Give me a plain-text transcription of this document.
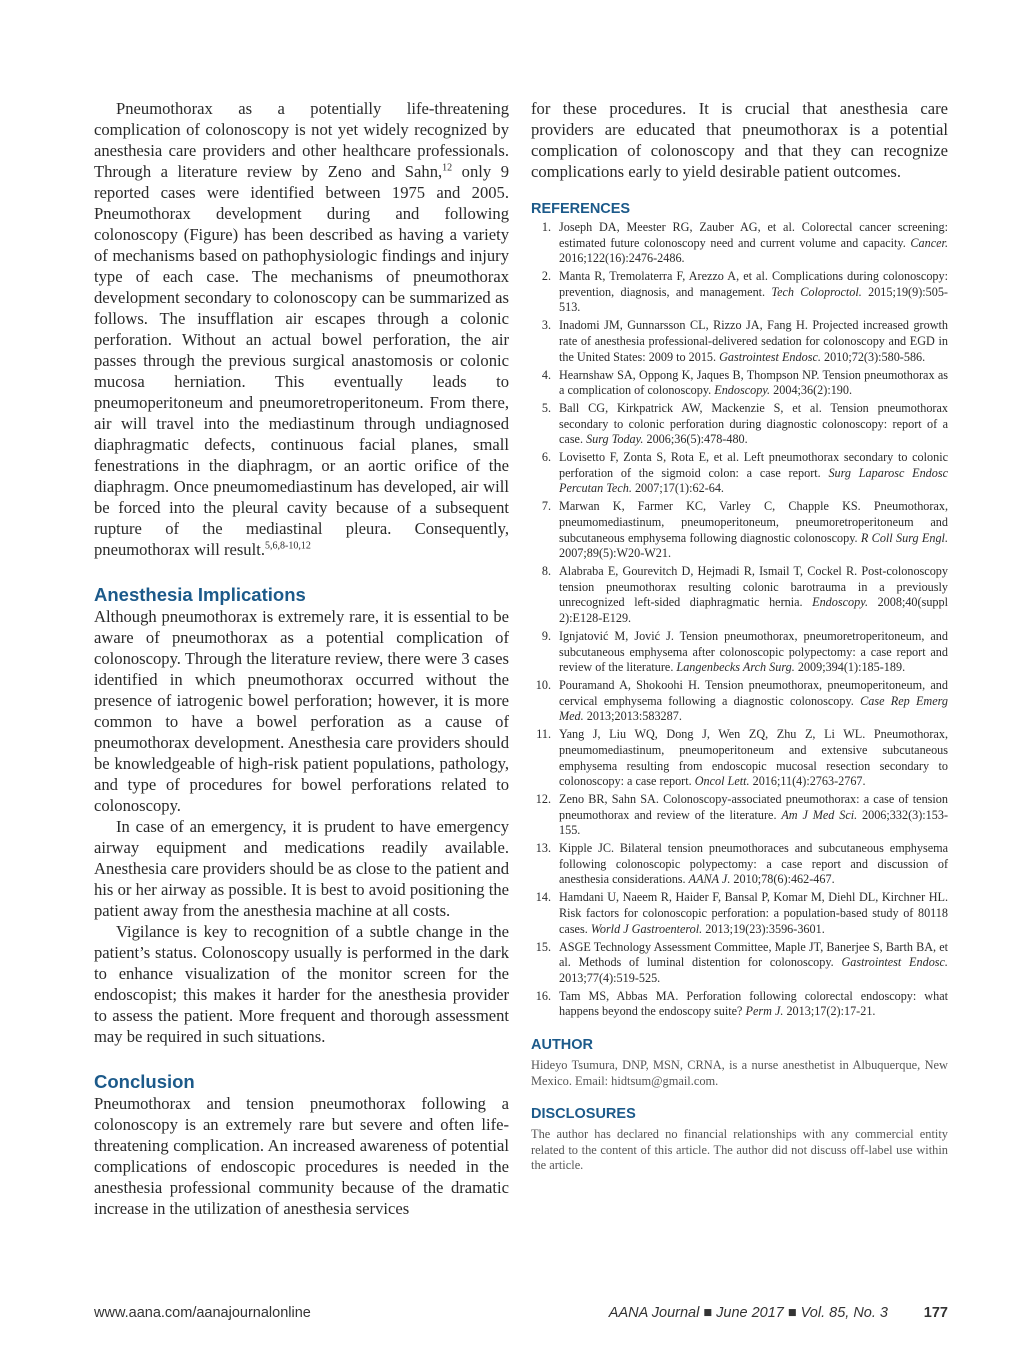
Pneumothorax as a potentially life-threatening complication of colonoscopy is not yet widely recognized by anesthesia care providers and other healthcare professionals. Through a literature review by Zeno and Sahn,$^{12}$ only 9 reported cases were identified between 1975 and 2005. Pneumothorax development during and following colonoscopy (Figure) has been described as having a variety of mechanisms based on pathophysiologic findings and injury type of each case. The mechanisms of pneumothorax development secondary to colonoscopy can be summarized as follows. The insufflation air escapes through a colonic perforation. Without an actual bowel perforation, the air passes through the previous surgical anastomosis or colonic mucosa herniation. This eventually leads to pneumoperitoneum and pneumoretroperitoneum. From there, air will travel into the mediastinum through undiagnosed diaphragmatic defects, continuous facial planes, small fenestrations in the diaphragm, or an aortic orifice of the diaphragm. Once pneumomediastinum has developed, air will be forced into the pleural cavity because of a subsequent rupture of the mediastinal pleura. Consequently, pneumothorax will result.$^{5,6,8-10,12}$

Anesthesia Implications

Although pneumothorax is extremely rare, it is essential to be aware of pneumothorax as a potential complication of colonoscopy. Through the literature review, there were 3 cases identified in which pneumothorax occurred without the presence of iatrogenic bowel perforation; however, it is more common to have a bowel perforation as a cause of pneumothorax development. Anesthesia care providers should be knowledgeable of high-risk patient populations, pathology, and type of procedures for bowel perforations related to colonoscopy.

In case of an emergency, it is prudent to have emergency airway equipment and medications readily available. Anesthesia care providers should be as close to the patient and his or her airway as possible. It is best to avoid positioning the patient away from the anesthesia machine at all costs.

Vigilance is key to recognition of a subtle change in the patient’s status. Colonoscopy usually is performed in the dark to enhance visualization of the monitor screen for the endoscopist; this makes it harder for the anesthesia provider to assess the patient. More frequent and thorough assessment may be required in such situations.

Conclusion

Pneumothorax and tension pneumothorax following a colonoscopy is an extremely rare but severe and often life-threatening complication. An increased awareness of potential complications of endoscopic procedures is needed in the anesthesia professional community because of the dramatic increase in the utilization of anesthesia services

for these procedures. It is crucial that anesthesia care providers are educated that pneumothorax is a potential complication of colonoscopy and that they can recognize complications early to yield desirable patient outcomes.

REFERENCES
1. Joseph DA, Meester RG, Zauber AG, et al. Colorectal cancer screening: estimated future colonoscopy need and current volume and capacity. Cancer. 2016;122(16):2476-2486.
2. Manta R, Tremolaterra F, Arezzo A, et al. Complications during colonoscopy: prevention, diagnosis, and management. Tech Coloproctol. 2015;19(9):505-513.
3. Inadomi JM, Gunnarsson CL, Rizzo JA, Fang H. Projected increased growth rate of anesthesia professional-delivered sedation for colonoscopy and EGD in the United States: 2009 to 2015. Gastrointest Endosc. 2010;72(3):580-586.
4. Hearnshaw SA, Oppong K, Jaques B, Thompson NP. Tension pneumothorax as a complication of colonoscopy. Endoscopy. 2004;36(2):190.
5. Ball CG, Kirkpatrick AW, Mackenzie S, et al. Tension pneumothorax secondary to colonic perforation during diagnostic colonoscopy: report of a case. Surg Today. 2006;36(5):478-480.
6. Lovisetto F, Zonta S, Rota E, et al. Left pneumothorax secondary to colonic perforation of the sigmoid colon: a case report. Surg Laparosc Endosc Percutan Tech. 2007;17(1):62-64.
7. Marwan K, Farmer KC, Varley C, Chapple KS. Pneumothorax, pneumomediastinum, pneumoperitoneum, pneumoretroperitoneum and subcutaneous emphysema following diagnostic colonoscopy. R Coll Surg Engl. 2007;89(5):W20-W21.
8. Alabraba E, Gourevitch D, Hejmadi R, Ismail T, Cockel R. Post-colonoscopy tension pneumothorax resulting colonic barotrauma in a previously unrecognized left-sided diaphragmatic hernia. Endoscopy. 2008;40(suppl 2):E128-E129.
9. Ignjatović M, Jović J. Tension pneumothorax, pneumoretroperitoneum, and subcutaneous emphysema after colonoscopic polypectomy: a case report and review of the literature. Langenbecks Arch Surg. 2009;394(1):185-189.
10. Pouramand A, Shokoohi H. Tension pneumothorax, pneumoperitoneum, and cervical emphysema following a diagnostic colonoscopy. Case Rep Emerg Med. 2013;2013:583287.
11. Yang J, Liu WQ, Dong J, Wen ZQ, Zhu Z, Li WL. Pneumothorax, pneumomediastinum, pneumoperitoneum and extensive subcutaneous emphysema resulting from endoscopic mucosal resection secondary to colonoscopy: a case report. Oncol Lett. 2016;11(4):2763-2767.
12. Zeno BR, Sahn SA. Colonoscopy-associated pneumothorax: a case of tension pneumothorax and review of the literature. Am J Med Sci. 2006;332(3):153-155.
13. Kipple JC. Bilateral tension pneumothoraces and subcutaneous emphysema following colonoscopic polypectomy: a case report and discussion of anesthesia considerations. AANA J. 2010;78(6):462-467.
14. Hamdani U, Naeem R, Haider F, Bansal P, Komar M, Diehl DL, Kirchner HL. Risk factors for colonoscopic perforation: a population-based study of 80118 cases. World J Gastroenterol. 2013;19(23):3596-3601.
15. ASGE Technology Assessment Committee, Maple JT, Banerjee S, Barth BA, et al. Methods of luminal distention for colonoscopy. Gastrointest Endosc. 2013;77(4):519-525.
16. Tam MS, Abbas MA. Perforation following colorectal endoscopy: what happens beyond the endoscopy suite? Perm J. 2013;17(2):17-21.
AUTHOR

Hideyo Tsumura, DNP, MSN, CRNA, is a nurse anesthetist in Albuquerque, New Mexico. Email: hidtsum@gmail.com.

DISCLOSURES

The author has declared no financial relationships with any commercial entity related to the content of this article. The author did not discuss off-label use within the article.

www.aana.com/aanajournalonline	AANA Journal ■ June 2017 ■ Vol. 85, No. 3 177
